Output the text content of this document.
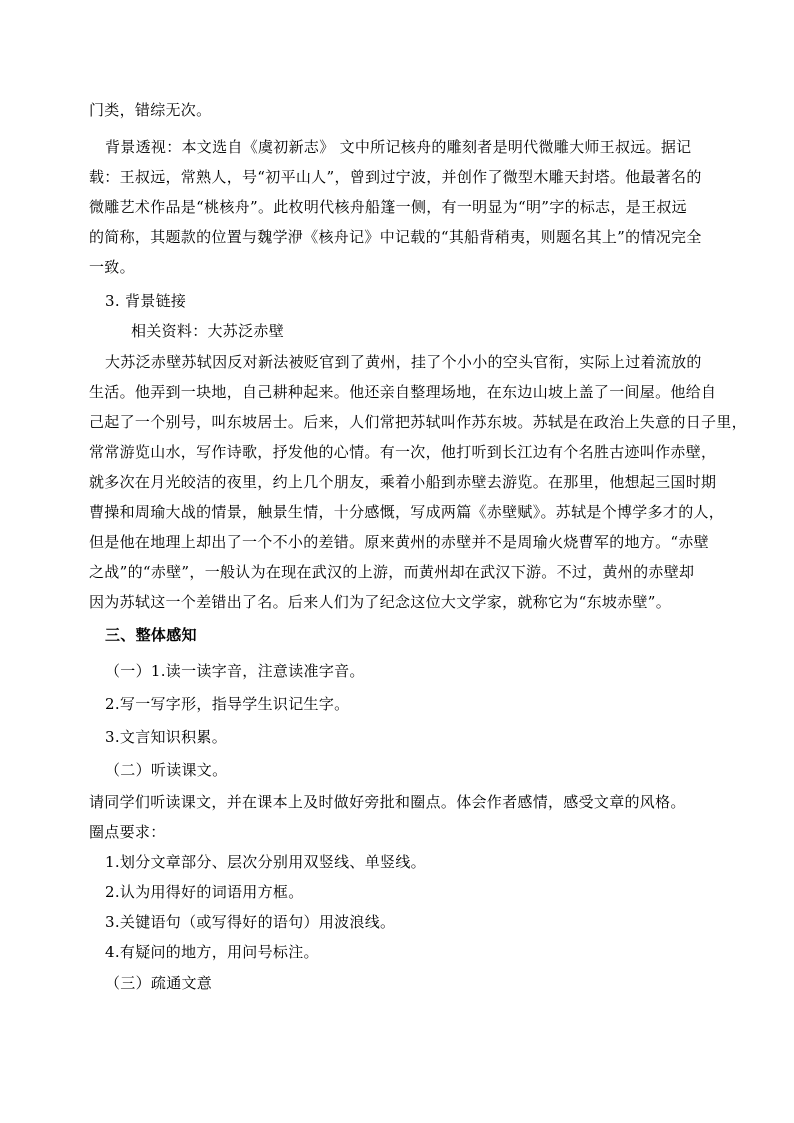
门类，错综无次。
背景透视：本文选自《虞初新志》 文中所记核舟的雕刻者是明代微雕大师王叔远。据记
载：王叔远，常熟人，号“初平山人”，曾到过宁波，并创作了微型木雕天封塔。他最著名的
微雕艺术作品是“桃核舟”。此枚明代核舟船篷一侧，有一明显为“明”字的标志，是王叔远
的简称，其题款的位置与魏学洢《核舟记》中记载的“其船背稍夷，则题名其上”的情况完全
一致。
3. 背景链接
相关资料：大苏泛赤壁
大苏泛赤壁苏轼因反对新法被贬官到了黄州，挂了个小小的空头官衔，实际上过着流放的
生活。他弄到一块地，自己耕种起来。他还亲自整理场地，在东边山坡上盖了一间屋。他给自
己起了一个别号，叫东坡居士。后来，人们常把苏轼叫作苏东坡。苏轼是在政治上失意的日子里，
常常游览山水，写作诗歌，抒发他的心情。有一次，他打听到长江边有个名胜古迹叫作赤壁，
就多次在月光皎洁的夜里，约上几个朋友，乘着小船到赤壁去游览。在那里，他想起三国时期
曹操和周瑜大战的情景，触景生情，十分感慨，写成两篇《赤壁赋》。苏轼是个博学多才的人，
但是他在地理上却出了一个不小的差错。原来黄州的赤壁并不是周瑜火烧曹军的地方。“赤壁
之战”的“赤壁”，一般认为在现在武汉的上游，而黄州却在武汉下游。不过，黄州的赤壁却
因为苏轼这一个差错出了名。后来人们为了纪念这位大文学家，就称它为“东坡赤壁”。
三、整体感知
（一）1.读一读字音，注意读准字音。
2.写一写字形，指导学生识记生字。
3.文言知识积累。
（二）听读课文。
请同学们听读课文，并在课本上及时做好旁批和圈点。体会作者感情，感受文章的风格。
圈点要求：
1.划分文章部分、层次分别用双竖线、单竖线。
2.认为用得好的词语用方框。
3.关键语句（或写得好的语句）用波浪线。
4.有疑问的地方，用问号标注。
（三）疏通文意
